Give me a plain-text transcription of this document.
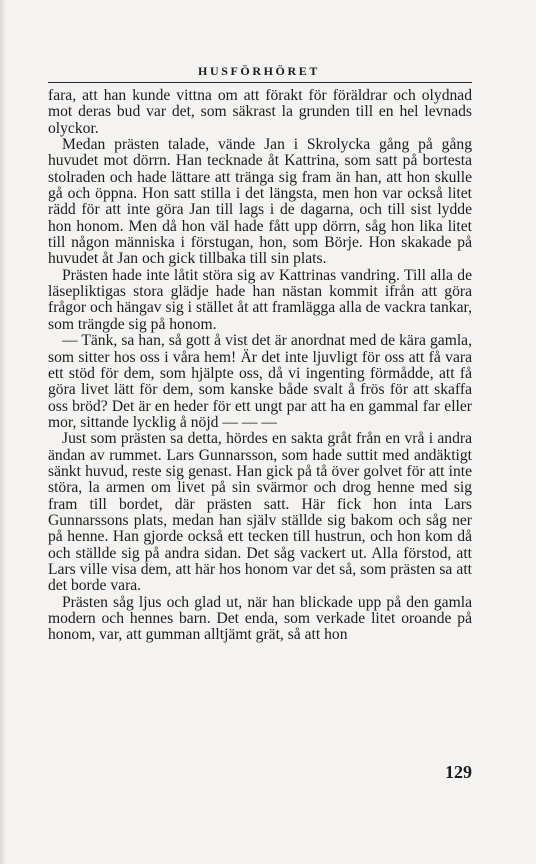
HUSFÖRHÖRET

fara, att han kunde vittna om att förakt för föräldrar och olydnad mot deras bud var det, som säkrast la grunden till en hel levnads olyckor.

Medan prästen talade, vände Jan i Skrolycka gång på gång huvudet mot dörrn. Han tecknade åt Kattrina, som satt på bortesta stolraden och hade lättare att tränga sig fram än han, att hon skulle gå och öppna. Hon satt stilla i det längsta, men hon var också litet rädd för att inte göra Jan till lags i de dagarna, och till sist lydde hon honom. Men då hon väl hade fått upp dörrn, såg hon lika litet till någon människa i förstugan, hon, som Börje. Hon skakade på huvudet åt Jan och gick tillbaka till sin plats.

Prästen hade inte låtit störa sig av Kattrinas vandring. Till alla de läsepliktigas stora glädje hade han nästan kommit ifrån att göra frågor och hängav sig i stället åt att framlägga alla de vackra tankar, som trängde sig på honom.

— Tänk, sa han, så gott å vist det är anordnat med de kära gamla, som sitter hos oss i våra hem! Är det inte ljuvligt för oss att få vara ett stöd för dem, som hjälpte oss, då vi ingenting förmådde, att få göra livet lätt för dem, som kanske både svalt å frös för att skaffa oss bröd? Det är en heder för ett ungt par att ha en gammal far eller mor, sittande lycklig å nöjd — — —

Just som prästen sa detta, hördes en sakta gråt från en vrå i andra ändan av rummet. Lars Gunnarsson, som hade suttit med andäktigt sänkt huvud, reste sig genast. Han gick på tå över golvet för att inte störa, la armen om livet på sin svärmor och drog henne med sig fram till bordet, där prästen satt. Här fick hon inta Lars Gunnarssons plats, medan han själv ställde sig bakom och såg ner på henne. Han gjorde också ett tecken till hustrun, och hon kom då och ställde sig på andra sidan. Det såg vackert ut. Alla förstod, att Lars ville visa dem, att här hos honom var det så, som prästen sa att det borde vara.

Prästen såg ljus och glad ut, när han blickade upp på den gamla modern och hennes barn. Det enda, som verkade litet oroande på honom, var, att gumman alltjämt grät, så att hon

129
